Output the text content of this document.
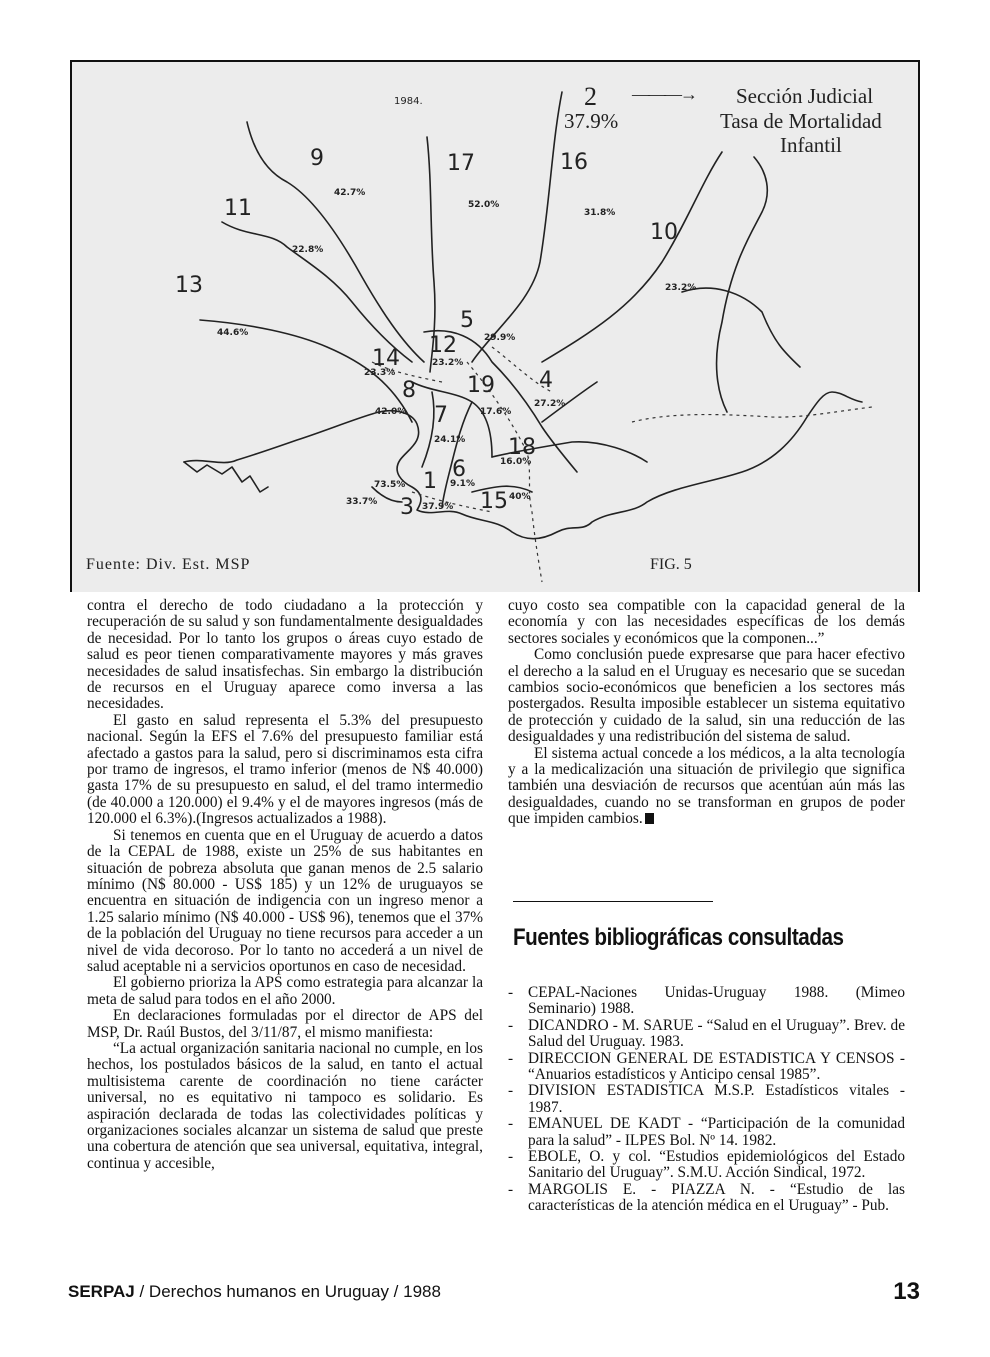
9
42.7%
17
52.0%
16
31.8%
11
22.8%
10
23.2%
13
44.6%	5
29.9%
12
23.2%
14
23.3%
8
42.0%
19
17.6%
4
27.2%
7
24.1% 18
16.0%
6
9.1%
1
73.5%
3
33.7%	37.9% 15 40%
1984.	2 ———→
37.9%
Sección Judicial
Tasa de Mortalidad
Infantil
Fuente: Div. Est. MSP	FIG. 5

contra el derecho de todo ciudadano a la protección y recuperación de su salud y son fundamentalmente desigualdades de necesidad. Por lo tanto los grupos o áreas cuyo estado de salud es peor tienen comparativamente mayores y más graves necesidades de salud insatisfechas. Sin embargo la distribución de recursos en el Uruguay aparece como inversa a las necesidades.

El gasto en salud representa el 5.3% del presupuesto nacional. Según la EFS el 7.6% del presupuesto familiar está afectado a gastos para la salud, pero si discriminamos esta cifra por tramo de ingresos, el tramo inferior (menos de N$ 40.000) gasta 17% de su presupuesto en salud, el del tramo intermedio (de 40.000 a 120.000) el 9.4% y el de mayores ingresos (más de 120.000 el 6.3%).(Ingresos actualizados a 1988).

Si tenemos en cuenta que en el Uruguay de acuerdo a datos de la CEPAL de 1988, existe un 25% de sus habitantes en situación de pobreza absoluta que ganan menos de 2.5 salario mínimo (N$ 80.000 - US$ 185) y un 12% de uruguayos se encuentra en situación de indigencia con un ingreso menor a 1.25 salario mínimo (N$ 40.000 - US$ 96), tenemos que el 37% de la población del Uruguay no tiene recursos para acceder a un nivel de vida decoroso. Por lo tanto no accederá a un nivel de salud aceptable ni a servicios oportunos en caso de necesidad.

El gobierno prioriza la APS como estrategia para alcanzar la meta de salud para todos en el año 2000.

En declaraciones formuladas por el director de APS del MSP, Dr. Raúl Bustos, del 3/11/87, el mismo manifiesta:

“La actual organización sanitaria nacional no cumple, en los hechos, los postulados básicos de la salud, en tanto el actual multisistema carente de coordinación no tiene carácter universal, no es equitativo ni tampoco es solidario. Es aspiración declarada de todas las colectividades políticas y organizaciones sociales alcanzar un sistema de salud que preste una cobertura de atención que sea universal, equitativa, integral, continua y accesible,

cuyo costo sea compatible con la capacidad general de la economía y con las necesidades específicas de los demás sectores sociales y económicos que la componen...”

Como conclusión puede expresarse que para hacer efectivo el derecho a la salud en el Uruguay es necesario que se sucedan cambios socio-económicos que beneficien a los sectores más postergados. Resulta imposible establecer un sistema equitativo de protección y cuidado de la salud, sin una reducción de las desigualdades y una redistribución del sistema de salud.

El sistema actual concede a los médicos, a la alta tecnología y a la medicalización una situación de privilegio que significa también una desviación de recursos que acentúan aún más las desigualdades, cuando no se transforman en grupos de poder que impiden cambios.

Fuentes bibliográficas consultadas
- CEPAL-Naciones Unidas-Uruguay 1988. (Mimeo Seminario) 1988.
- DICANDRO - M. SARUE - “Salud en el Uruguay”. Brev. de Salud del Uruguay. 1983.
- DIRECCION GENERAL DE ESTADISTICA Y CENSOS - “Anuarios estadísticos y Anticipo censal 1985”.
- DIVISION ESTADISTICA M.S.P. Estadísticos vitales - 1987.
- EMANUEL DE KADT - “Participación de la comunidad para la salud” - ILPES Bol. Nº 14. 1982.
- EBOLE, O. y col. “Estudios epidemiológicos del Estado Sanitario del Uruguay”. S.M.U. Acción Sindical, 1972.
- MARGOLIS E. - PIAZZA N. - “Estudio de las características de la atención médica en el Uruguay” - Pub.
SERPAJ / Derechos humanos en Uruguay / 1988	13
